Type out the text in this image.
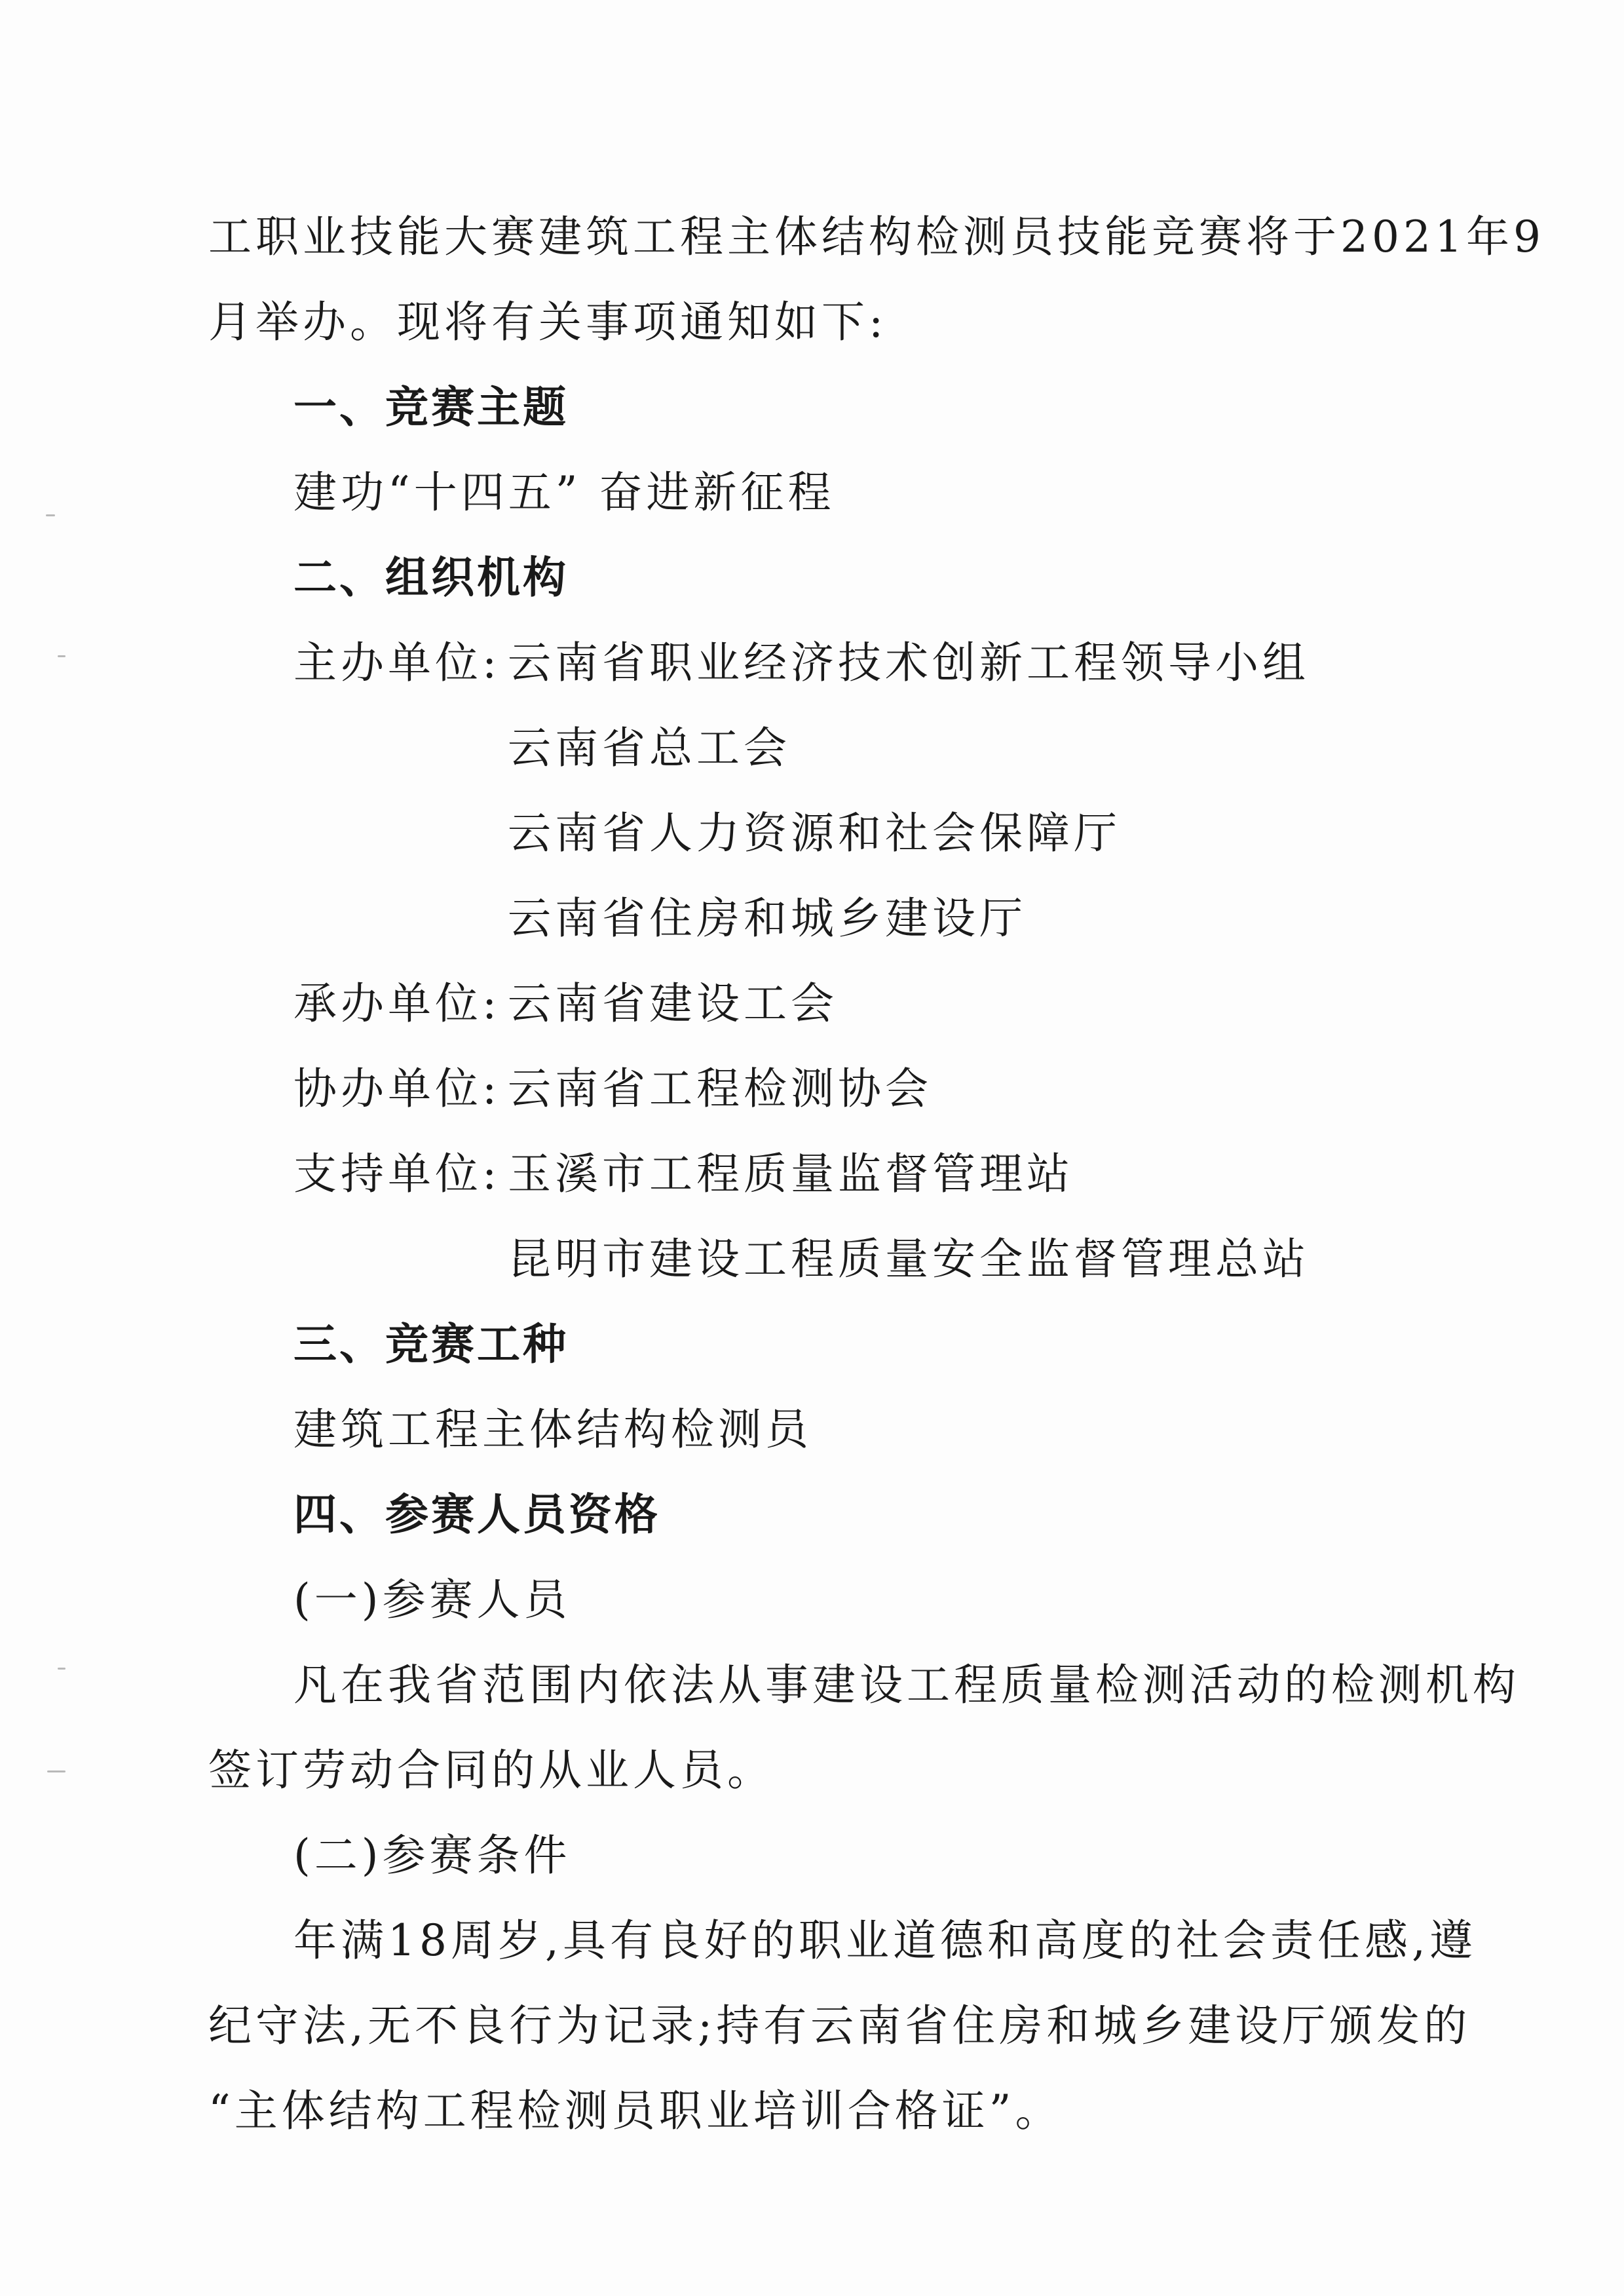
工职业技能大赛建筑工程主体结构检测员技能竞赛将于2021年9
月举办。现将有关事项通知如下:
一、竞赛主题
建功“十四五” 奋进新征程
二、组织机构
主办单位: 云南省职业经济技术创新工程领导小组
云南省总工会
云南省人力资源和社会保障厅
云南省住房和城乡建设厅
承办单位: 云南省建设工会
协办单位: 云南省工程检测协会
支持单位: 玉溪市工程质量监督管理站
昆明市建设工程质量安全监督管理总站
三、竞赛工种
建筑工程主体结构检测员
四、参赛人员资格
(一)参赛人员
凡在我省范围内依法从事建设工程质量检测活动的检测机构
签订劳动合同的从业人员。
(二)参赛条件
年满18周岁,具有良好的职业道德和高度的社会责任感,遵
纪守法,无不良行为记录;持有云南省住房和城乡建设厅颁发的
“主体结构工程检测员职业培训合格证”。
